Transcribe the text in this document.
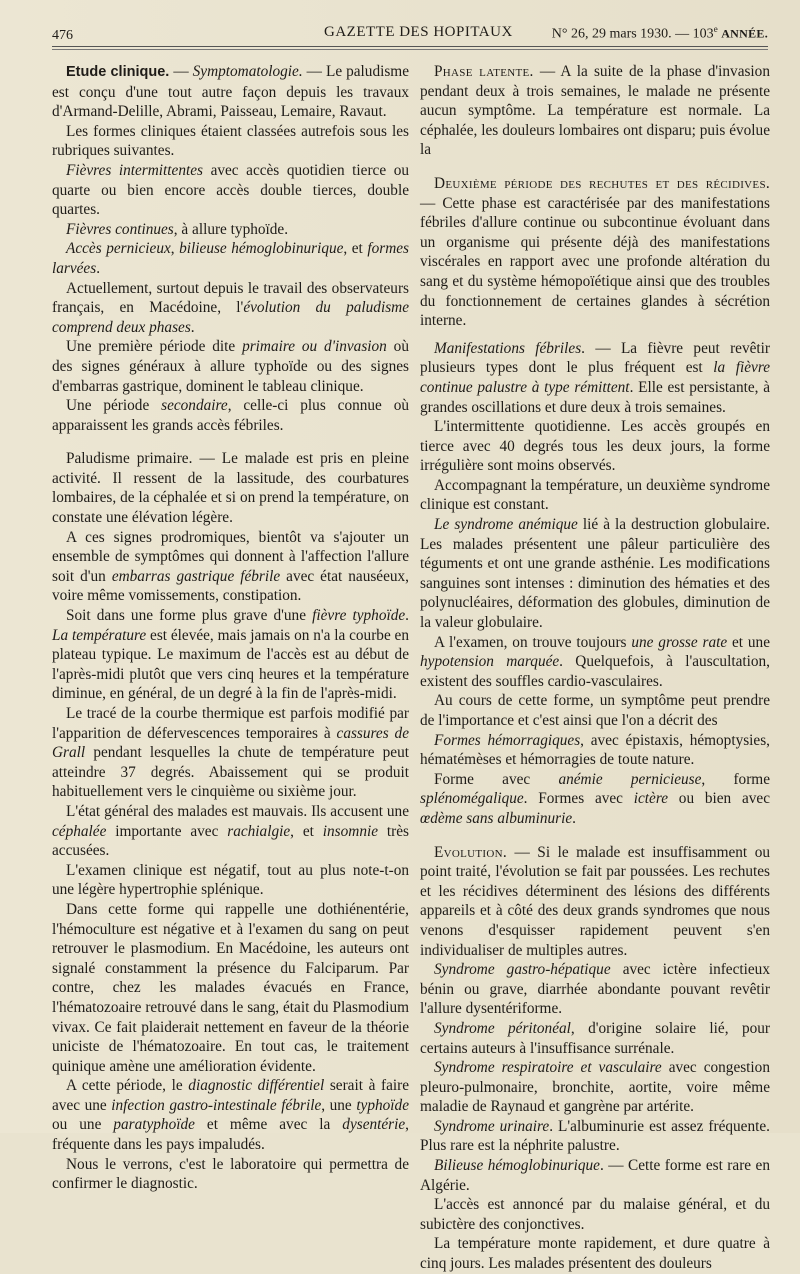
476	GAZETTE DES HOPITAUX	N° 26, 29 mars 1930. — 103e ANNÉE.

Etude clinique. — Symptomatologie. — Le paludisme est conçu d'une tout autre façon depuis les travaux d'Armand-Delille, Abrami, Paisseau, Lemaire, Ravaut.

Les formes cliniques étaient classées autrefois sous les rubriques suivantes.

Fièvres intermittentes avec accès quotidien tierce ou quarte ou bien encore accès double tierces, double quartes.

Fièvres continues, à allure typhoïde.

Accès pernicieux, bilieuse hémoglobinurique, et formes larvées.

Actuellement, surtout depuis le travail des observateurs français, en Macédoine, l'évolution du paludisme comprend deux phases.

Une première période dite primaire ou d'invasion où des signes généraux à allure typhoïde ou des signes d'embarras gastrique, dominent le tableau clinique.

Une période secondaire, celle-ci plus connue où apparaissent les grands accès fébriles.

Paludisme primaire. — Le malade est pris en pleine activité. Il ressent de la lassitude, des courbatures lombaires, de la céphalée et si on prend la température, on constate une élévation légère.

A ces signes prodromiques, bientôt va s'ajouter un ensemble de symptômes qui donnent à l'affection l'allure soit d'un embarras gastrique fébrile avec état nauséeux, voire même vomissements, constipation.

Soit dans une forme plus grave d'une fièvre typhoïde. La température est élevée, mais jamais on n'a la courbe en plateau typique. Le maximum de l'accès est au début de l'après-midi plutôt que vers cinq heures et la température diminue, en général, de un degré à la fin de l'après-midi.

Le tracé de la courbe thermique est parfois modifié par l'apparition de défervescences temporaires à cassures de Grall pendant lesquelles la chute de température peut atteindre 37 degrés. Abaissement qui se produit habituellement vers le cinquième ou sixième jour.

L'état général des malades est mauvais. Ils accusent une céphalée importante avec rachialgie, et insomnie très accusées.

L'examen clinique est négatif, tout au plus note-t-on une légère hypertrophie splénique.

Dans cette forme qui rappelle une dothiénentérie, l'hémoculture est négative et à l'examen du sang on peut retrouver le plasmodium. En Macédoine, les auteurs ont signalé constamment la présence du Falciparum. Par contre, chez les malades évacués en France, l'hématozoaire retrouvé dans le sang, était du Plasmodium vivax. Ce fait plaiderait nettement en faveur de la théorie uniciste de l'hématozoaire. En tout cas, le traitement quinique amène une amélioration évidente.

A cette période, le diagnostic différentiel serait à faire avec une infection gastro-intestinale fébrile, une typhoïde ou une paratyphoïde et même avec la dysentérie, fréquente dans les pays impaludés.

Nous le verrons, c'est le laboratoire qui permettra de confirmer le diagnostic.

Phase latente. — A la suite de la phase d'invasion pendant deux à trois semaines, le malade ne présente aucun symptôme. La température est normale. La céphalée, les douleurs lombaires ont disparu; puis évolue la

Deuxième période des rechutes et des récidives. — Cette phase est caractérisée par des manifestations fébriles d'allure continue ou subcontinue évoluant dans un organisme qui présente déjà des manifestations viscérales en rapport avec une profonde altération du sang et du système hémopoïétique ainsi que des troubles du fonctionnement de certaines glandes à sécrétion interne.

Manifestations fébriles. — La fièvre peut revêtir plusieurs types dont le plus fréquent est la fièvre continue palustre à type rémittent. Elle est persistante, à grandes oscillations et dure deux à trois semaines.

L'intermittente quotidienne. Les accès groupés en tierce avec 40 degrés tous les deux jours, la forme irrégulière sont moins observés.

Accompagnant la température, un deuxième syndrome clinique est constant.

Le syndrome anémique lié à la destruction globulaire. Les malades présentent une pâleur particulière des téguments et ont une grande asthénie. Les modifications sanguines sont intenses : diminution des hématies et des polynucléaires, déformation des globules, diminution de la valeur globulaire.

A l'examen, on trouve toujours une grosse rate et une hypotension marquée. Quelquefois, à l'auscultation, existent des souffles cardio-vasculaires.

Au cours de cette forme, un symptôme peut prendre de l'importance et c'est ainsi que l'on a décrit des

Formes hémorragiques, avec épistaxis, hémoptysies, hématémèses et hémorragies de toute nature.

Forme avec anémie pernicieuse, forme splénomégalique. Formes avec ictère ou bien avec œdème sans albuminurie.

Evolution. — Si le malade est insuffisamment ou point traité, l'évolution se fait par poussées. Les rechutes et les récidives déterminent des lésions des différents appareils et à côté des deux grands syndromes que nous venons d'esquisser rapidement peuvent s'en individualiser de multiples autres.

Syndrome gastro-hépatique avec ictère infectieux bénin ou grave, diarrhée abondante pouvant revêtir l'allure dysentériforme.

Syndrome péritonéal, d'origine solaire lié, pour certains auteurs à l'insuffisance surrénale.

Syndrome respiratoire et vasculaire avec congestion pleuro-pulmonaire, bronchite, aortite, voire même maladie de Raynaud et gangrène par artérite.

Syndrome urinaire. L'albuminurie est assez fréquente. Plus rare est la néphrite palustre.

Bilieuse hémoglobinurique. — Cette forme est rare en Algérie.

L'accès est annoncé par du malaise général, et du subictère des conjonctives.

La température monte rapidement, et dure quatre à cinq jours. Les malades présentent des douleurs
